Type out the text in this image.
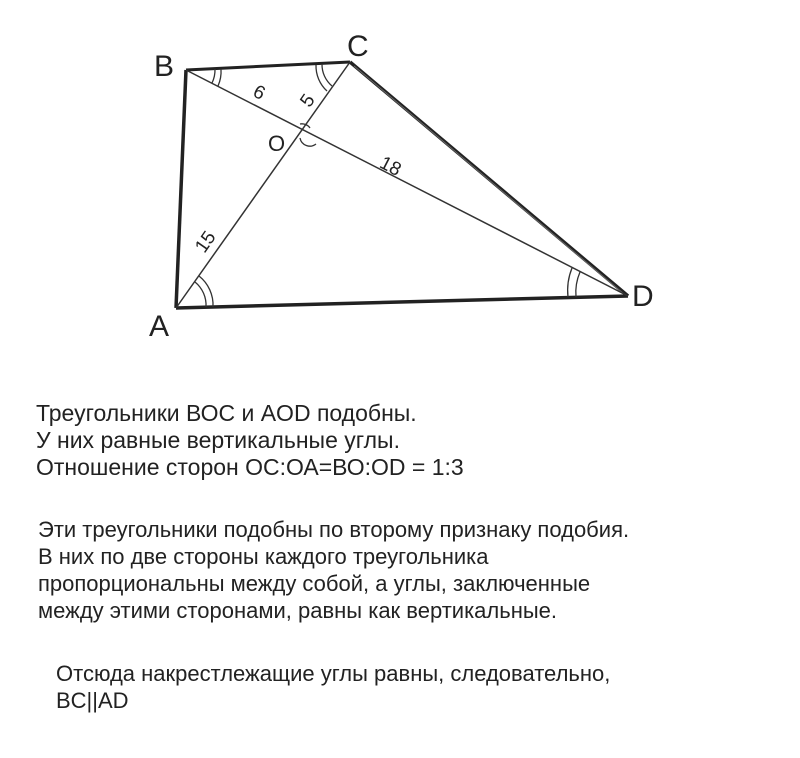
B
C
A
D
O
6 5
18
15
Треугольники ВОС и AOD подобны.
У них равные вертикальные углы.
Отношение сторон ОС:ОА=ВО:OD = 1:3
Эти треугольники подобны по второму признаку подобия.
В них по две стороны каждого треугольника
пропорциональны между собой, а углы, заключенные
между этими сторонами, равны как вертикальные.
Отсюда накрестлежащие углы равны, следовательно,
BC||AD
